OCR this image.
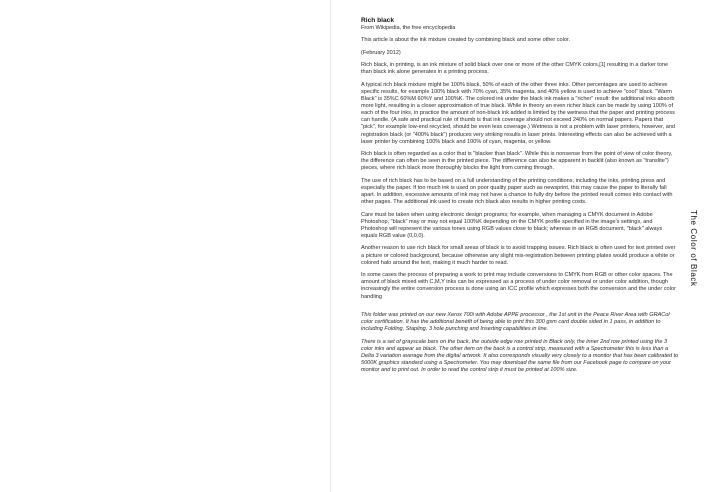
Rich black

From Wikipedia, the free encyclopedia

This article is about the ink mixture created by combining black and some other color.

(February 2012)

Rich black, in printing, is an ink mixture of solid black over one or more of the other CMYK colors,[1] resulting in a darker tone than black ink alone generates in a printing process.

A typical rich black mixture might be 100% black, 50% of each of the other three inks. Other percentages are used to achieve specific results, for example 100% black with 70% cyan, 35% magenta, and 40% yellow is used to achieve "cool" black. "Warm Black" is 35%C 60%M 60%Y and 100%K. The colored ink under the black ink makes a "richer" result: the additional inks absorb more light, resulting in a closer approximation of true black. While in theory an even richer black can be made by using 100% of each of the four inks, in practice the amount of non-black ink added is limited by the wetness that the paper and printing process can handle. (A safe and practical rule of thumb is that ink coverage should not exceed 240% on normal papers. Papers that "pick", for example low-end recycled, should be even less coverage.) Wetness is not a problem with laser printers, however, and registration black (or "400% black") produces very striking results in laser prints. Interesting effects can also be achieved with a laser printer by combining 100% black and 100% of cyan, magenta, or yellow.

Rich black is often regarded as a color that is "blacker than black". While this is nonsense from the point of view of color theory, the difference can often be seen in the printed piece. The difference can also be apparent in backlit (also known as "translite") pieces, where rich black more thoroughly blocks the light from coming through.

The use of rich black has to be based on a full understanding of the printing conditions, including the inks, printing press and especially the paper. If too much ink is used on poor quality paper such as newsprint, this may cause the paper to literally fall apart. In addition, excessive amounts of ink may not have a chance to fully dry before the printed result comes into contact with other pages. The additional ink used to create rich black also results in higher printing costs.

Care must be taken when using electronic design programs; for example, when managing a CMYK document in Adobe Photoshop, "black" may or may not equal 100%K depending on the CMYK profile specified in the image's settings, and Photoshop will represent the various tones using RGB values close to black; whereas in an RGB document, "black" always equals RGB value (0,0,0).

Another reason to use rich black for small areas of black is to avoid trapping issues. Rich black is often used for text printed over a picture or colored background, because otherwise any slight mis-registration between printing plates would produce a white or colored halo around the text, making it much harder to read.

In some cases the process of preparing a work to print may include conversions to CMYK from RGB or other color spaces. The amount of black mixed with C,M,Y inks can be expressed as a process of under color removal or under color addition, though increasingly the entire conversion process is done using an ICC profile which expresses both the conversion and the under color handling

This folder was printed on our new Xerox 700i with Adobe APPE processor , the 1st unit in the Peace River Area with GRACol color certification. It has the additional benefit of being able to print this 300 gsm card double sided in 1 pass, in addition to including Folding, Stapling, 3 hole punching and Inserting capabilities in line.

There is a set of grayscale bars on the back, the outside edge row printed in Black only, the inner 2nd row printed using the 3 color inks and appear as black. The other item on the back is a control strip, measured with a Spectrometer this is less than a Delta 3 variation average from the digital artwork. It also corresponds visually very closely to a monitor that has been calibrated to 5000K graphics standard using a Spectrometer. You may download the same file from our Facebook page to compare on your monitor and to print out. In order to read the control strip it must be printed at 100% size.

The Color of Black
